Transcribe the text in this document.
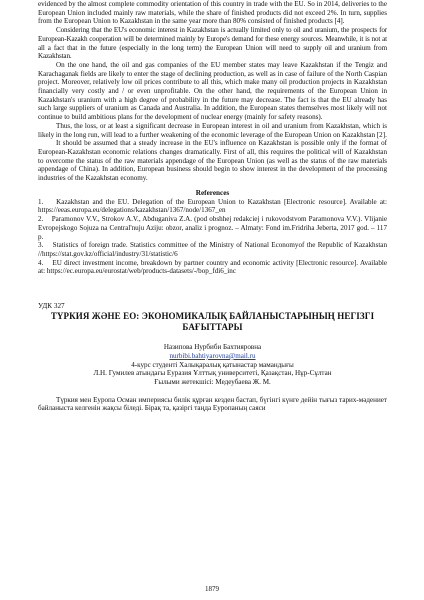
evidenced by the almost complete commodity orientation of this country in trade with the EU. So in 2014, deliveries to the European Union included mainly raw materials, while the share of finished products did not exceed 2%. In turn, supplies from the European Union to Kazakhstan in the same year more than 80% consisted of finished products [4].

Considering that the EU's economic interest in Kazakhstan is actually limited only to oil and uranium, the prospects for European-Kazakh cooperation will be determined mainly by Europe's demand for these energy sources. Meanwhile, it is not at all a fact that in the future (especially in the long term) the European Union will need to supply oil and uranium from Kazakhstan.

On the one hand, the oil and gas companies of the EU member states may leave Kazakhstan if the Tengiz and Karachaganak fields are likely to enter the stage of declining production, as well as in case of failure of the North Caspian project. Moreover, relatively low oil prices contribute to all this, which make many oil production projects in Kazakhstan financially very costly and / or even unprofitable. On the other hand, the requirements of the European Union in Kazakhstan's uranium with a high degree of probability in the future may decrease. The fact is that the EU already has such large suppliers of uranium as Canada and Australia. In addition, the European states themselves most likely will not continue to build ambitious plans for the development of nuclear energy (mainly for safety reasons).

Thus, the loss, or at least a significant decrease in European interest in oil and uranium from Kazakhstan, which is likely in the long run, will lead to a further weakening of the economic leverage of the European Union on Kazakhstan [2].

It should be assumed that a steady increase in the EU's influence on Kazakhstan is possible only if the format of European-Kazakhstan economic relations changes dramatically. First of all, this requires the political will of Kazakhstan to overcome the status of the raw materials appendage of the European Union (as well as the status of the raw materials appendage of China). In addition, European business should begin to show interest in the development of the processing industries of the Kazakhstan economy.

References

1.    Kazakhstan and the EU. Delegation of the European Union to Kazakhstan [Electronic resource]. Available at: https://eeas.europa.eu/delegations/kazakhstan/1367/node/1367_en

2.    Paramonov V.V., Strokov A.V., Abduganiva Z.A. (pod obshhej redakciej i rukovodstvom Paramonova V.V.). Vlijanie Evropejskogo Sojuza na Central'nuju Aziju: obzor, analiz i prognoz. – Almaty: Fond im.Fridriha Jeberta, 2017 god. – 117 p.

3.    Statistics of foreign trade. Statistics committee of the Ministry of National Economyof the Republic of Kazakhstan //https://stat.gov.kz/official/industry/31/statistic/6

4.    EU direct investment income, breakdown by partner country and economic activity [Electronic resource]. Available at: https://ec.europa.eu/eurostat/web/products-datasets/-/bop_fdi6_inc

УДК 327
ТҮРКИЯ ЖӘНЕ ЕО: ЭКОНОМИКАЛЫҚ БАЙЛАНЫСТАРЫНЫҢ НЕГІЗГІ БАҒЫТТАРЫ

Назипова Нурбиби Бахтияровна

nurbibi.bahtiyarovna@mail.ru

4-курс студенті Халықаралық қатынастар мамандығы

Л.Н. Гумилев атындағы Еуразия Ұлттық университеті, Қазақстан, Нұр-Сұлтан

Ғылыми жетекшісі: Медеубаева Ж. М.

Түркия мен Еуропа Осман империясы билік құрған кезден бастап, бүгінгі күнге дейін тығыз тарих-мәдениет байланыста келгенін жақсы біледі. Бірақ та, қазіргі таңда Еуропаның саяси

1879
